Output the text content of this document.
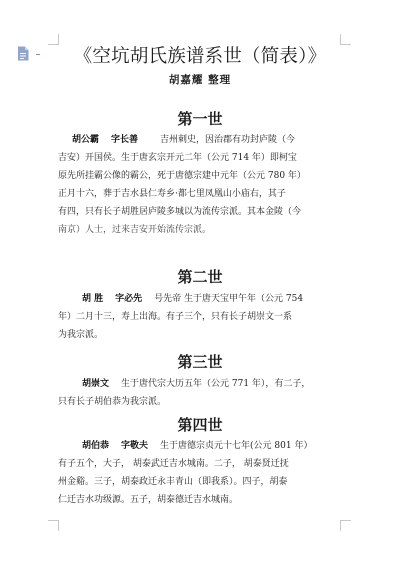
《空坑胡氏族谱系世（简表）》
胡嘉耀 整理
第一世
胡公霸 字长善 吉州刺史，因治郡有功封庐陵（今
吉安）开国侯。生于唐玄宗开元二年（公元 714 年）即柯宝
原先所挂霸公像的霸公，死于唐德宗建中元年（公元 780 年）
正月十六，葬于吉水县仁寿乡·都七里凤凰山小庙右，其子
有四，只有长子胡胜居庐陵多城以为流传宗派。其本金陵（今
南京）人士，过来吉安开始流传宗派。
第二世
胡 胜 字必先 号先帝 生于唐天宝甲午年（公元 754
年）二月十三，寿上出海。有子三个，只有长子胡崇文一系
为我宗派。
第三世
胡崇文 生于唐代宗大历五年（公元 771 年），有二子，
只有长子胡伯恭为我宗派。
第四世
胡伯恭 字敬夫 生于唐德宗贞元十七年(公元 801 年）
有子五个，大子， 胡泰武迁吉水城南。二子， 胡泰贤迁抚
州金谿。三子，胡泰政迁永丰青山（即我系）。四子，胡泰
仁迁吉水功级源。五子，胡泰德迁吉水城南。
